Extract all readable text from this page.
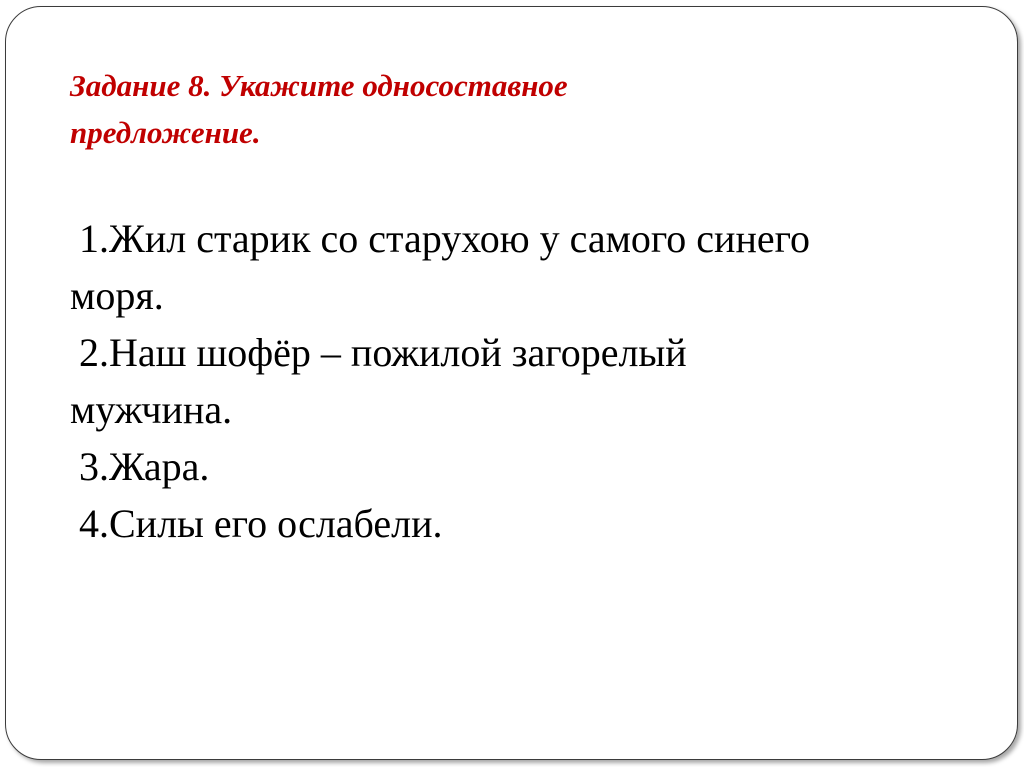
Задание 8. Укажите односоставное
предложение.
1.Жил старик со старухою у самого синего
моря.
2.Наш шофёр – пожилой загорелый
мужчина.
3.Жара.
4.Силы его ослабели.
